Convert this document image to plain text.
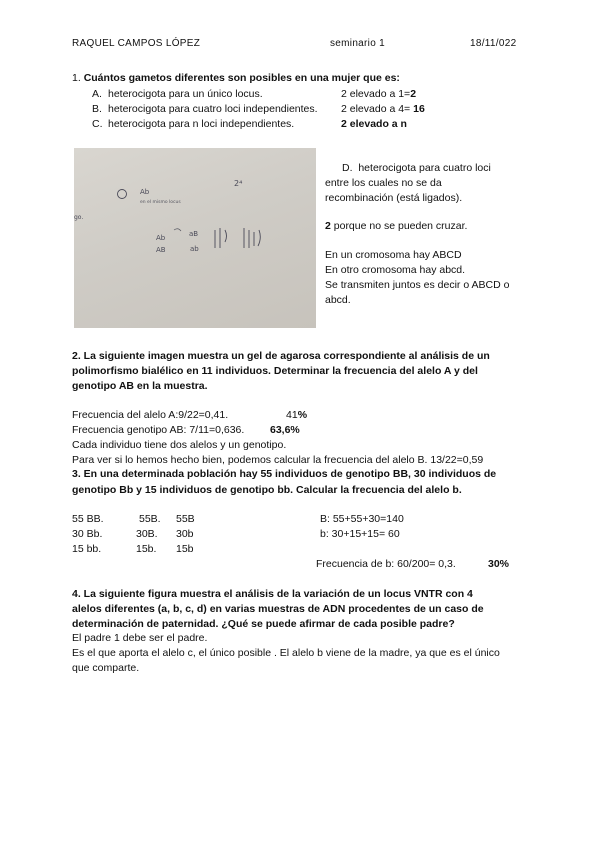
RAQUEL CAMPOS LÓPEZ	seminario 1	18/11/022
1. Cuántos gametos diferentes son posibles en una mujer que es:
A. heterocigota para un único locus.	2 elevado a 1=2
B. heterocigota para cuatro loci independientes. 2 elevado a 4= 16
C. heterocigota para n loci independientes.	2 elevado a n
Ab
en el mismo locus
2⁴
go.
Ab	aB
AB	ab
D. heterocigota para cuatro loci
entre los cuales no se da
recombinación (está ligados).
2 porque no se pueden cruzar.
En un cromosoma hay ABCD
En otro cromosoma hay abcd.
Se transmiten juntos es decir o ABCD o
abcd.
2. La siguiente imagen muestra un gel de agarosa correspondiente al análisis de un
polimorfismo bialélico en 11 individuos. Determinar la frecuencia del alelo A y del
genotipo AB en la muestra.
Frecuencia del alelo A:9/22=0,41.	41%
Frecuencia genotipo AB: 7/11=0,636. 63,6%
Cada individuo tiene dos alelos y un genotipo.
Para ver si lo hemos hecho bien, podemos calcular la frecuencia del alelo B. 13/22=0,59
3. En una determinada población hay 55 individuos de genotipo BB, 30 individuos de
genotipo Bb y 15 individuos de genotipo bb. Calcular la frecuencia del alelo b.
55 BB.	55B. 55B	B: 55+55+30=140
30 Bb.	30B. 30b	b: 30+15+15= 60
15 bb.	15b. 15b
Frecuencia de b: 60/200= 0,3.	30%
4. La siguiente figura muestra el análisis de la variación de un locus VNTR con 4
alelos diferentes (a, b, c, d) en varias muestras de ADN procedentes de un caso de
determinación de paternidad. ¿Qué se puede afirmar de cada posible padre?
El padre 1 debe ser el padre.
Es el que aporta el alelo c, el único posible . El alelo b viene de la madre, ya que es el único
que comparte.
